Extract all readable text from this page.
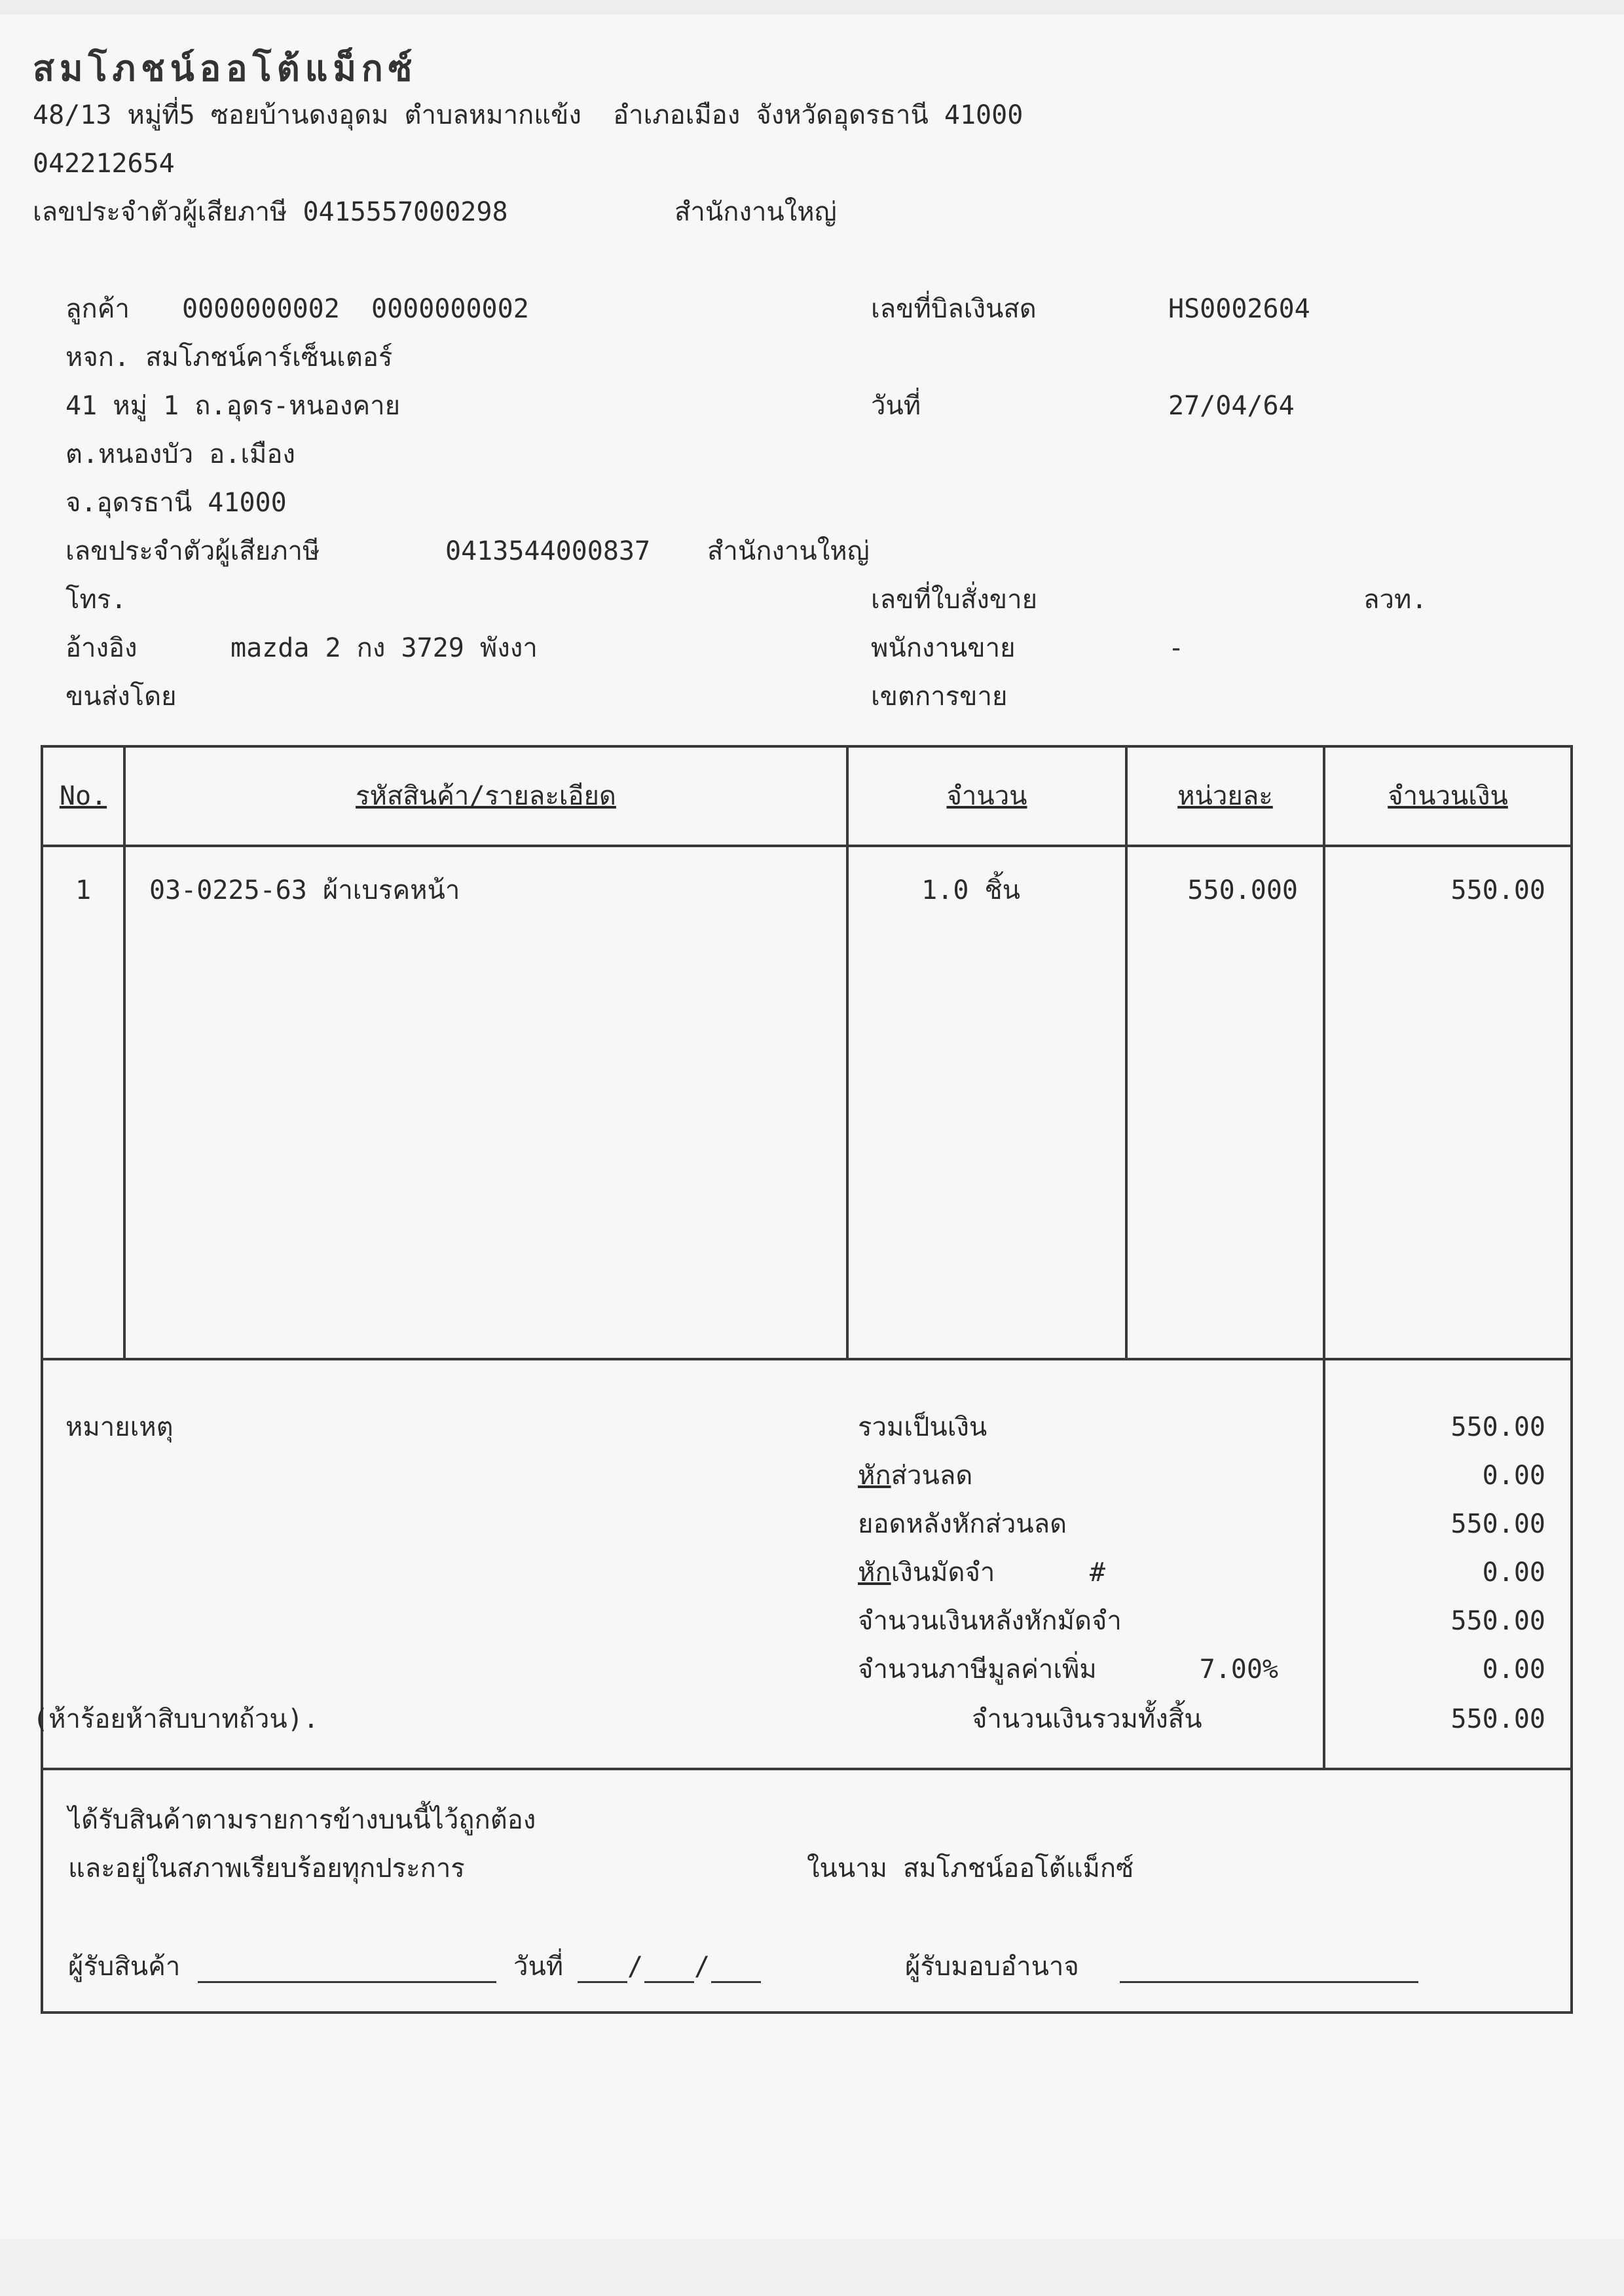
สมโภชน์ออโต้แม็กซ์
48/13 หมู่ที่5 ซอยบ้านดงอุดม ตำบลหมากแข้ง  อำเภอเมือง จังหวัดอุดรธานี 41000
042212654
เลขประจำตัวผู้เสียภาษี 0415557000298	สำนักงานใหญ่
ลูกค้า 0000000002  0000000002
หจก. สมโภชน์คาร์เซ็นเตอร์
41 หมู่ 1 ถ.อุดร-หนองคาย
ต.หนองบัว อ.เมือง
จ.อุดรธานี 41000
เลขประจำตัวผู้เสียภาษี	0413544000837 สำนักงานใหญ่
โทร.
อ้างอิง	mazda 2 กง 3729 พังงา
ขนส่งโดย
เลขที่บิลเงินสด	HS0002604
วันที่	27/04/64
เลขที่ใบสั่งขาย	ลวท.
พนักงานขาย	-
เขตการขาย
No.	รหัสสินค้า/รายละเอียด	จำนวน	หน่วยละ	จำนวนเงิน
1	03-0225-63 ผ้าเบรคหน้า	1.0 ชิ้น	550.000	550.00
หมายเหตุ
(ห้าร้อยห้าสิบบาทถ้วน).
รวมเป็นเงิน	550.00
หักส่วนลด	0.00
ยอดหลังหักส่วนลด	550.00
หักเงินมัดจำ      #	0.00
จำนวนเงินหลังหักมัดจำ	550.00
จำนวนภาษีมูลค่าเพิ่ม	7.00%	0.00
จำนวนเงินรวมทั้งสิ้น	550.00
ได้รับสินค้าตามรายการข้างบนนี้ไว้ถูกต้อง
และอยู่ในสภาพเรียบร้อยทุกประการ	ในนาม สมโภชน์ออโต้แม็กซ์
ผู้รับสินค้า	วันที่ / /	ผู้รับมอบอำนาจ
